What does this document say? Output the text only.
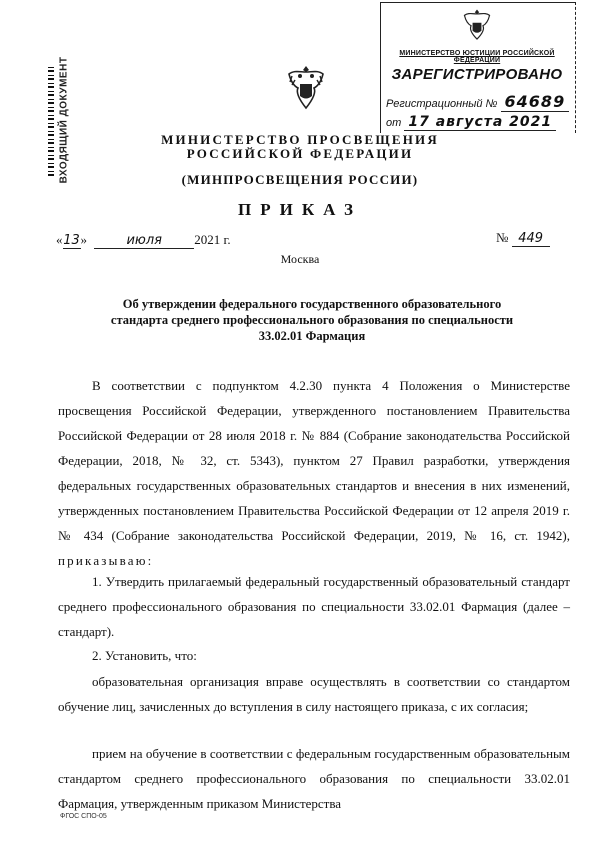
ВХОДЯЩИЙ ДОКУМЕНТ
МИНИСТЕРСТВО ЮСТИЦИИ РОССИЙСКОЙ ФЕДЕРАЦИИ
ЗАРЕГИСТРИРОВАНО
Регистрационный № 64689
от 17 августа 2021
МИНИСТЕРСТВО ПРОСВЕЩЕНИЯ
РОССИЙСКОЙ ФЕДЕРАЦИИ
(МИНПРОСВЕЩЕНИЯ РОССИИ)
ПРИКАЗ
«13»	июля 2021 г.	№ 449
Москва
Об утверждении федерального государственного образовательного
стандарта среднего профессионального образования по специальности
33.02.01 Фармация
В соответствии с подпунктом 4.2.30 пункта 4 Положения о Министерстве просвещения Российской Федерации, утвержденного постановлением Правительства Российской Федерации от 28 июля 2018 г. № 884 (Собрание законодательства Российской Федерации, 2018, № 32, ст. 5343), пунктом 27 Правил разработки, утверждения федеральных государственных образовательных стандартов и внесения в них изменений, утвержденных постановлением Правительства Российской Федерации от 12 апреля 2019 г. № 434 (Собрание законодательства Российской Федерации, 2019, № 16, ст. 1942), приказываю:
1. Утвердить прилагаемый федеральный государственный образовательный стандарт среднего профессионального образования по специальности 33.02.01 Фармация (далее – стандарт).
2. Установить, что:
образовательная организация вправе осуществлять в соответствии со стандартом обучение лиц, зачисленных до вступления в силу настоящего приказа, с их согласия;
прием на обучение в соответствии с федеральным государственным образовательным стандартом среднего профессионального образования по специальности 33.02.01 Фармация, утвержденным приказом Министерства
ФГОС СПО-05
